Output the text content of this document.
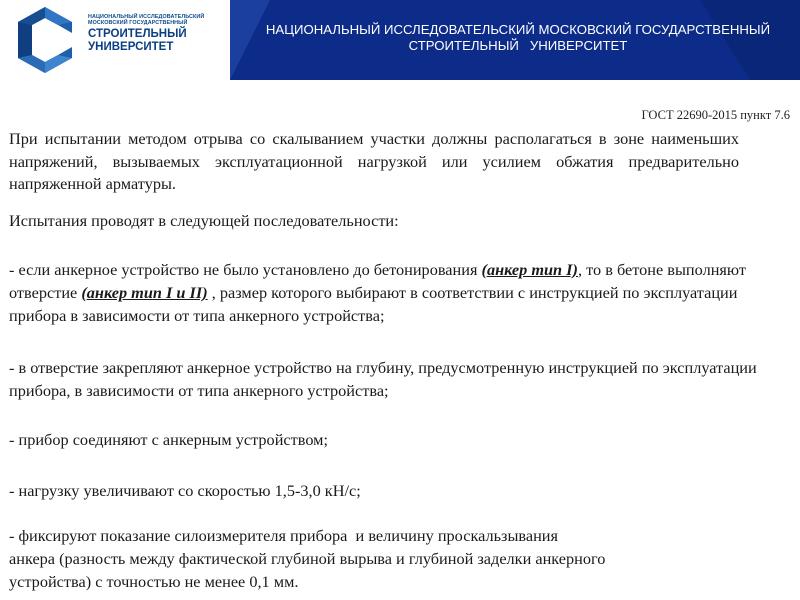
НАЦИОНАЛЬНЫЙ ИССЛЕДОВАТЕЛЬСКИЙ
МОСКОВСКИЙ ГОСУДАРСТВЕННЫЙ
СТРОИТЕЛЬНЫЙ
УНИВЕРСИТЕТ
НАЦИОНАЛЬНЫЙ ИССЛЕДОВАТЕЛЬСКИЙ МОСКОВСКИЙ ГОСУДАРСТВЕННЫЙ
СТРОИТЕЛЬНЫЙ   УНИВЕРСИТЕТ
ГОСТ 22690-2015 пункт 7.6
При испытании методом отрыва со скалыванием участки должны располагаться в зоне наименьших напряжений, вызываемых эксплуатационной нагрузкой или усилием обжатия предварительно напряженной арматуры.
Испытания проводят в следующей последовательности:
- если анкерное устройство не было установлено до бетонирования (анкер тип I), то в бетоне выполняют отверстие (анкер тип I и II) , размер которого выбирают в соответствии с инструкцией по эксплуатации прибора в зависимости от типа анкерного устройства;
- в отверстие закрепляют анкерное устройство на глубину, предусмотренную инструкцией по эксплуатации прибора, в зависимости от типа анкерного устройства;
- прибор соединяют с анкерным устройством;
- нагрузку увеличивают со скоростью 1,5-3,0 кН/с;
- фиксируют показание силоизмерителя прибора  и величину проскальзывания
анкера (разность между фактической глубиной вырыва и глубиной заделки анкерного
устройства) с точностью не менее 0,1 мм.
